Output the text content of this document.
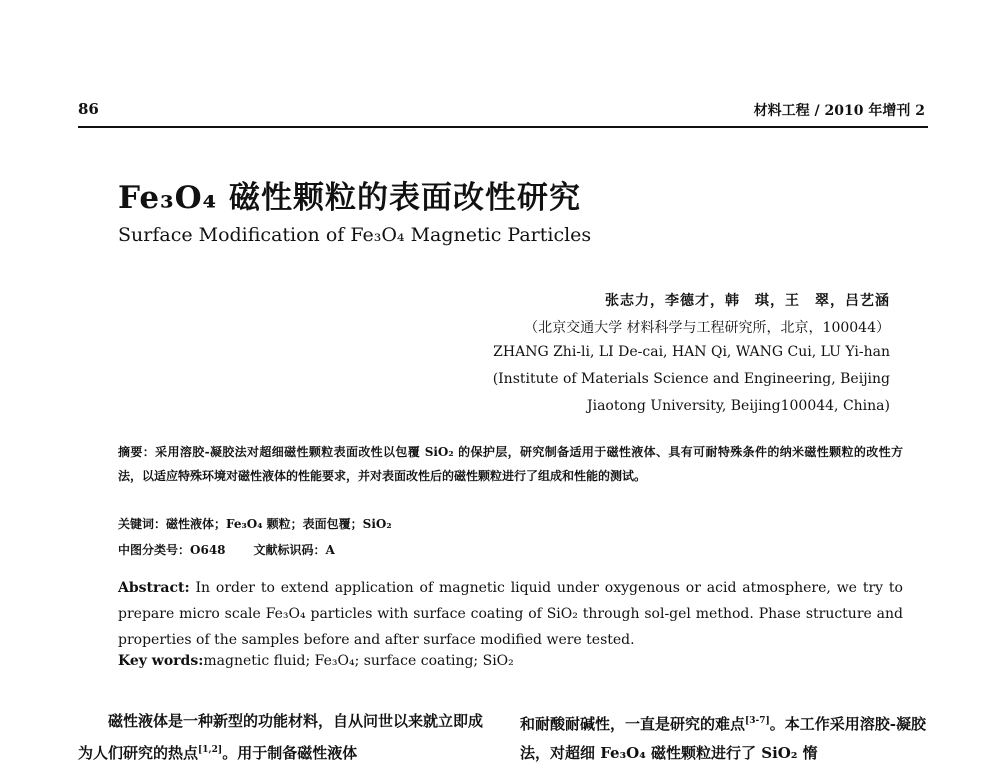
86	材料工程 / 2010 年增刊 2
Fe₃O₄ 磁性颗粒的表面改性研究
Surface Modification of Fe₃O₄ Magnetic Particles
张志力，李德才，韩　琪，王　翠，吕艺涵
（北京交通大学 材料科学与工程研究所，北京，100044）
ZHANG Zhi-li, LI De-cai, HAN Qi, WANG Cui, LU Yi-han
(Institute of Materials Science and Engineering, Beijing
Jiaotong University, Beijing100044, China)
摘要：采用溶胶-凝胶法对超细磁性颗粒表面改性以包覆 SiO₂ 的保护层，研究制备适用于磁性液体、具有可耐特殊条件的纳米磁性颗粒的改性方法，以适应特殊环境对磁性液体的性能要求，并对表面改性后的磁性颗粒进行了组成和性能的测试。
关键词：磁性液体；Fe₃O₄ 颗粒；表面包覆；SiO₂
中图分类号：O648 文献标识码：A
Abstract: In order to extend application of magnetic liquid under oxygenous or acid atmosphere, we try to prepare micro scale Fe₃O₄ particles with surface coating of SiO₂ through sol-gel method. Phase structure and properties of the samples before and after surface modified were tested.
Key words:magnetic fluid; Fe₃O₄; surface coating; SiO₂
磁性液体是一种新型的功能材料，自从问世以来就立即成为人们研究的热点[1,2]。用于制备磁性液体
和耐酸耐碱性，一直是研究的难点[3-7]。本工作采用溶胶-凝胶法，对超细 Fe₃O₄ 磁性颗粒进行了 SiO₂ 惰
